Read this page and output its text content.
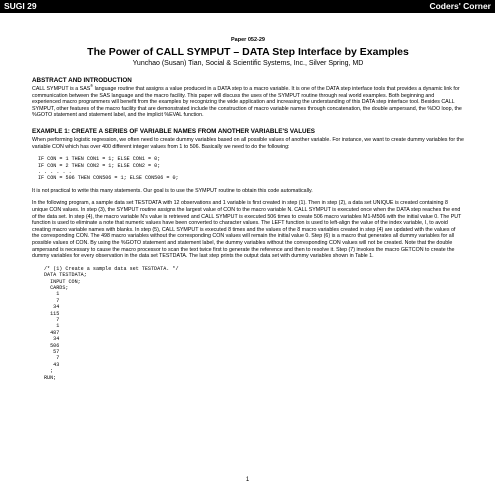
SUGI 29	Coders' Corner
Paper 052-29
The Power of CALL SYMPUT – DATA Step Interface by Examples
Yunchao (Susan) Tian, Social & Scientific Systems, Inc., Silver Spring, MD
ABSTRACT AND INTRODUCTION
CALL SYMPUT is a SAS® language routine that assigns a value produced in a DATA step to a macro variable. It is one of the DATA step interface tools that provides a dynamic link for communication between the SAS language and the macro facility. This paper will discuss the uses of the SYMPUT routine through real world examples. Both beginning and experienced macro programmers will benefit from the examples by recognizing the wide application and increasing the understanding of this DATA step interface tool. Besides CALL SYMPUT, other features of the macro facility that are demonstrated include the construction of macro variable names through concatenation, the double ampersand, the %DO loop, the %GOTO statement and statement label, and the implicit %EVAL function.
EXAMPLE 1: CREATE A SERIES OF VARIABLE NAMES FROM ANOTHER VARIABLE'S VALUES
When performing logistic regression, we often need to create dummy variables based on all possible values of another variable. For instance, we want to create dummy variables for the variable CON which has over 400 different integer values from 1 to 506. Basically we need to do the following:
IF CON = 1 THEN CON1 = 1; ELSE CON1 = 0;
IF CON = 2 THEN CON2 = 1; ELSE CON2 = 0;
. . . . . .
IF CON = 506 THEN CON506 = 1; ELSE CON506 = 0;
It is not practical to write this many statements. Our goal is to use the SYMPUT routine to obtain this code automatically.
In the following program, a sample data set TESTDATA with 12 observations and 1 variable is first created in step (1). Then in step (2), a data set UNIQUE is created containing 8 unique CON values. In step (3), the SYMPUT routine assigns the largest value of CON to the macro variable N. CALL SYMPUT is executed once when the DATA step reaches the end of the data set. In step (4), the macro variable N's value is retrieved and CALL SYMPUT is executed 506 times to create 506 macro variables M1-M506 with the initial value 0. The PUT function is used to eliminate a note that numeric values have been converted to character values. The LEFT function is used to left-align the value of the index variable, I, to avoid creating macro variable names with blanks. In step (5), CALL SYMPUT is executed 8 times and the values of the 8 macro variables created in step (4) are updated with the values of the corresponding CON. The 498 macro variables without the corresponding CON values will remain the initial value 0. Step (6) is a macro that generates all dummy variables for all possible values of CON. By using the %GOTO statement and statement label, the dummy variables without the corresponding CON values will not be created. Note that the double ampersand is necessary to cause the macro processor to scan the text twice first to generate the reference and then to resolve it. Step (7) invokes the macro GETCON to create the dummy variables for every observation in the data set TESTDATA. The last step prints the output data set with dummy variables shown in Table 1.
/* (1) Create a sample data set TESTDATA. */
DATA TESTDATA;
INPUT CON;
CARDS;
1
7
34
115
7
1
487
34
506
57
7
43
;
RUN;
1
